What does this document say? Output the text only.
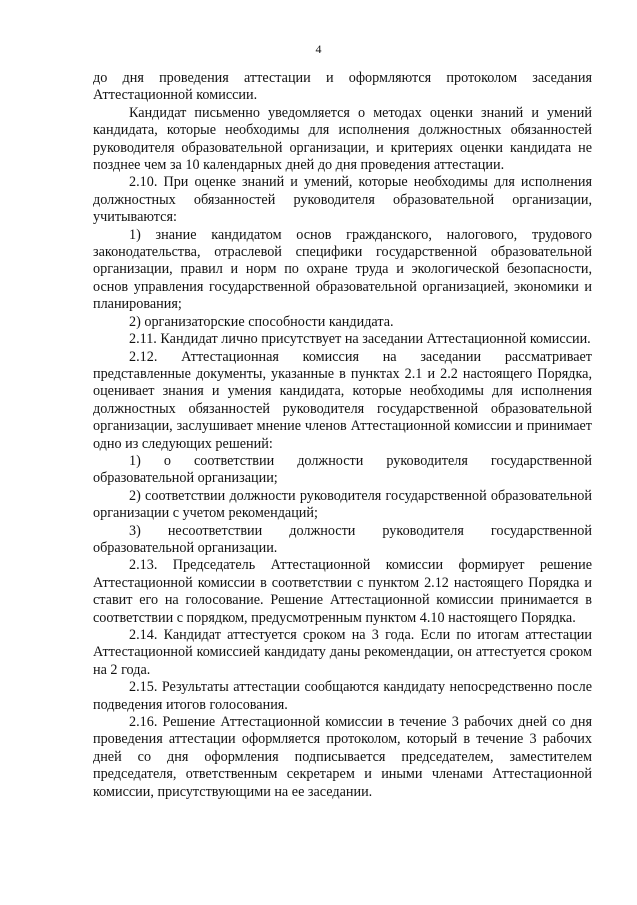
4

до дня проведения аттестации и оформляются протоколом заседания Аттестационной комиссии.

Кандидат письменно уведомляется о методах оценки знаний и умений кандидата, которые необходимы для исполнения должностных обязанностей руководителя образовательной организации, и критериях оценки кандидата не позднее чем за 10 календарных дней до дня проведения аттестации.

2.10. При оценке знаний и умений, которые необходимы для исполнения должностных обязанностей руководителя образовательной организации, учитываются:

1) знание кандидатом основ гражданского, налогового, трудового законодательства, отраслевой специфики государственной образовательной организации, правил и норм по охране труда и экологической безопасности, основ управления государственной образовательной организацией, экономики и планирования;

2) организаторские способности кандидата.

2.11. Кандидат лично присутствует на заседании Аттестационной комиссии.

2.12. Аттестационная комиссия на заседании рассматривает представленные документы, указанные в пунктах 2.1 и 2.2 настоящего Порядка, оценивает знания и умения кандидата, которые необходимы для исполнения должностных обязанностей руководителя государственной образовательной организации, заслушивает мнение членов Аттестационной комиссии и принимает одно из следующих решений:

1) о соответствии должности руководителя государственной образовательной организации;

2) соответствии должности руководителя государственной образовательной организации с учетом рекомендаций;

3) несоответствии должности руководителя государственной образовательной организации.

2.13. Председатель Аттестационной комиссии формирует решение Аттестационной комиссии в соответствии с пунктом 2.12 настоящего Порядка и ставит его на голосование. Решение Аттестационной комиссии принимается в соответствии с порядком, предусмотренным пунктом 4.10 настоящего Порядка.

2.14. Кандидат аттестуется сроком на 3 года. Если по итогам аттестации Аттестационной комиссией кандидату даны рекомендации, он аттестуется сроком на 2 года.

2.15. Результаты аттестации сообщаются кандидату непосредственно после подведения итогов голосования.

2.16. Решение Аттестационной комиссии в течение 3 рабочих дней со дня проведения аттестации оформляется протоколом, который в течение 3 рабочих дней со дня оформления подписывается председателем, заместителем председателя, ответственным секретарем и иными членами Аттестационной комиссии, присутствующими на ее заседании.
